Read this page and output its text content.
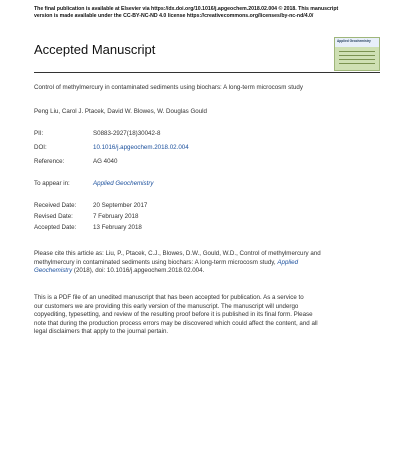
The final publication is available at Elsevier via https://dx.doi.org/10.1016/j.apgeochem.2018.02.004 © 2018. This manuscript
version is made available under the CC-BY-NC-ND 4.0 license https://creativecommons.org/licenses/by-nc-nd/4.0/
Accepted Manuscript
Applied Geochemistry
Control of methylmercury in contaminated sediments using biochars: A long-term microcosm study
Peng Liu, Carol J. Ptacek, David W. Blowes, W. Douglas Gould
PII:	S0883-2927(18)30042-8
DOI:	10.1016/j.apgeochem.2018.02.004
Reference:	AG 4040
To appear in:	Applied Geochemistry
Received Date:	20 September 2017
Revised Date:	7 February 2018
Accepted Date:	13 February 2018
Please cite this article as: Liu, P., Ptacek, C.J., Blowes, D.W., Gould, W.D., Control of methylmercury and
methylmercury in contaminated sediments using biochars: A long-term microcosm study, Applied
Geochemistry (2018), doi: 10.1016/j.apgeochem.2018.02.004.
This is a PDF file of an unedited manuscript that has been accepted for publication. As a service to
our customers we are providing this early version of the manuscript. The manuscript will undergo
copyediting, typesetting, and review of the resulting proof before it is published in its final form. Please
note that during the production process errors may be discovered which could affect the content, and all
legal disclaimers that apply to the journal pertain.
